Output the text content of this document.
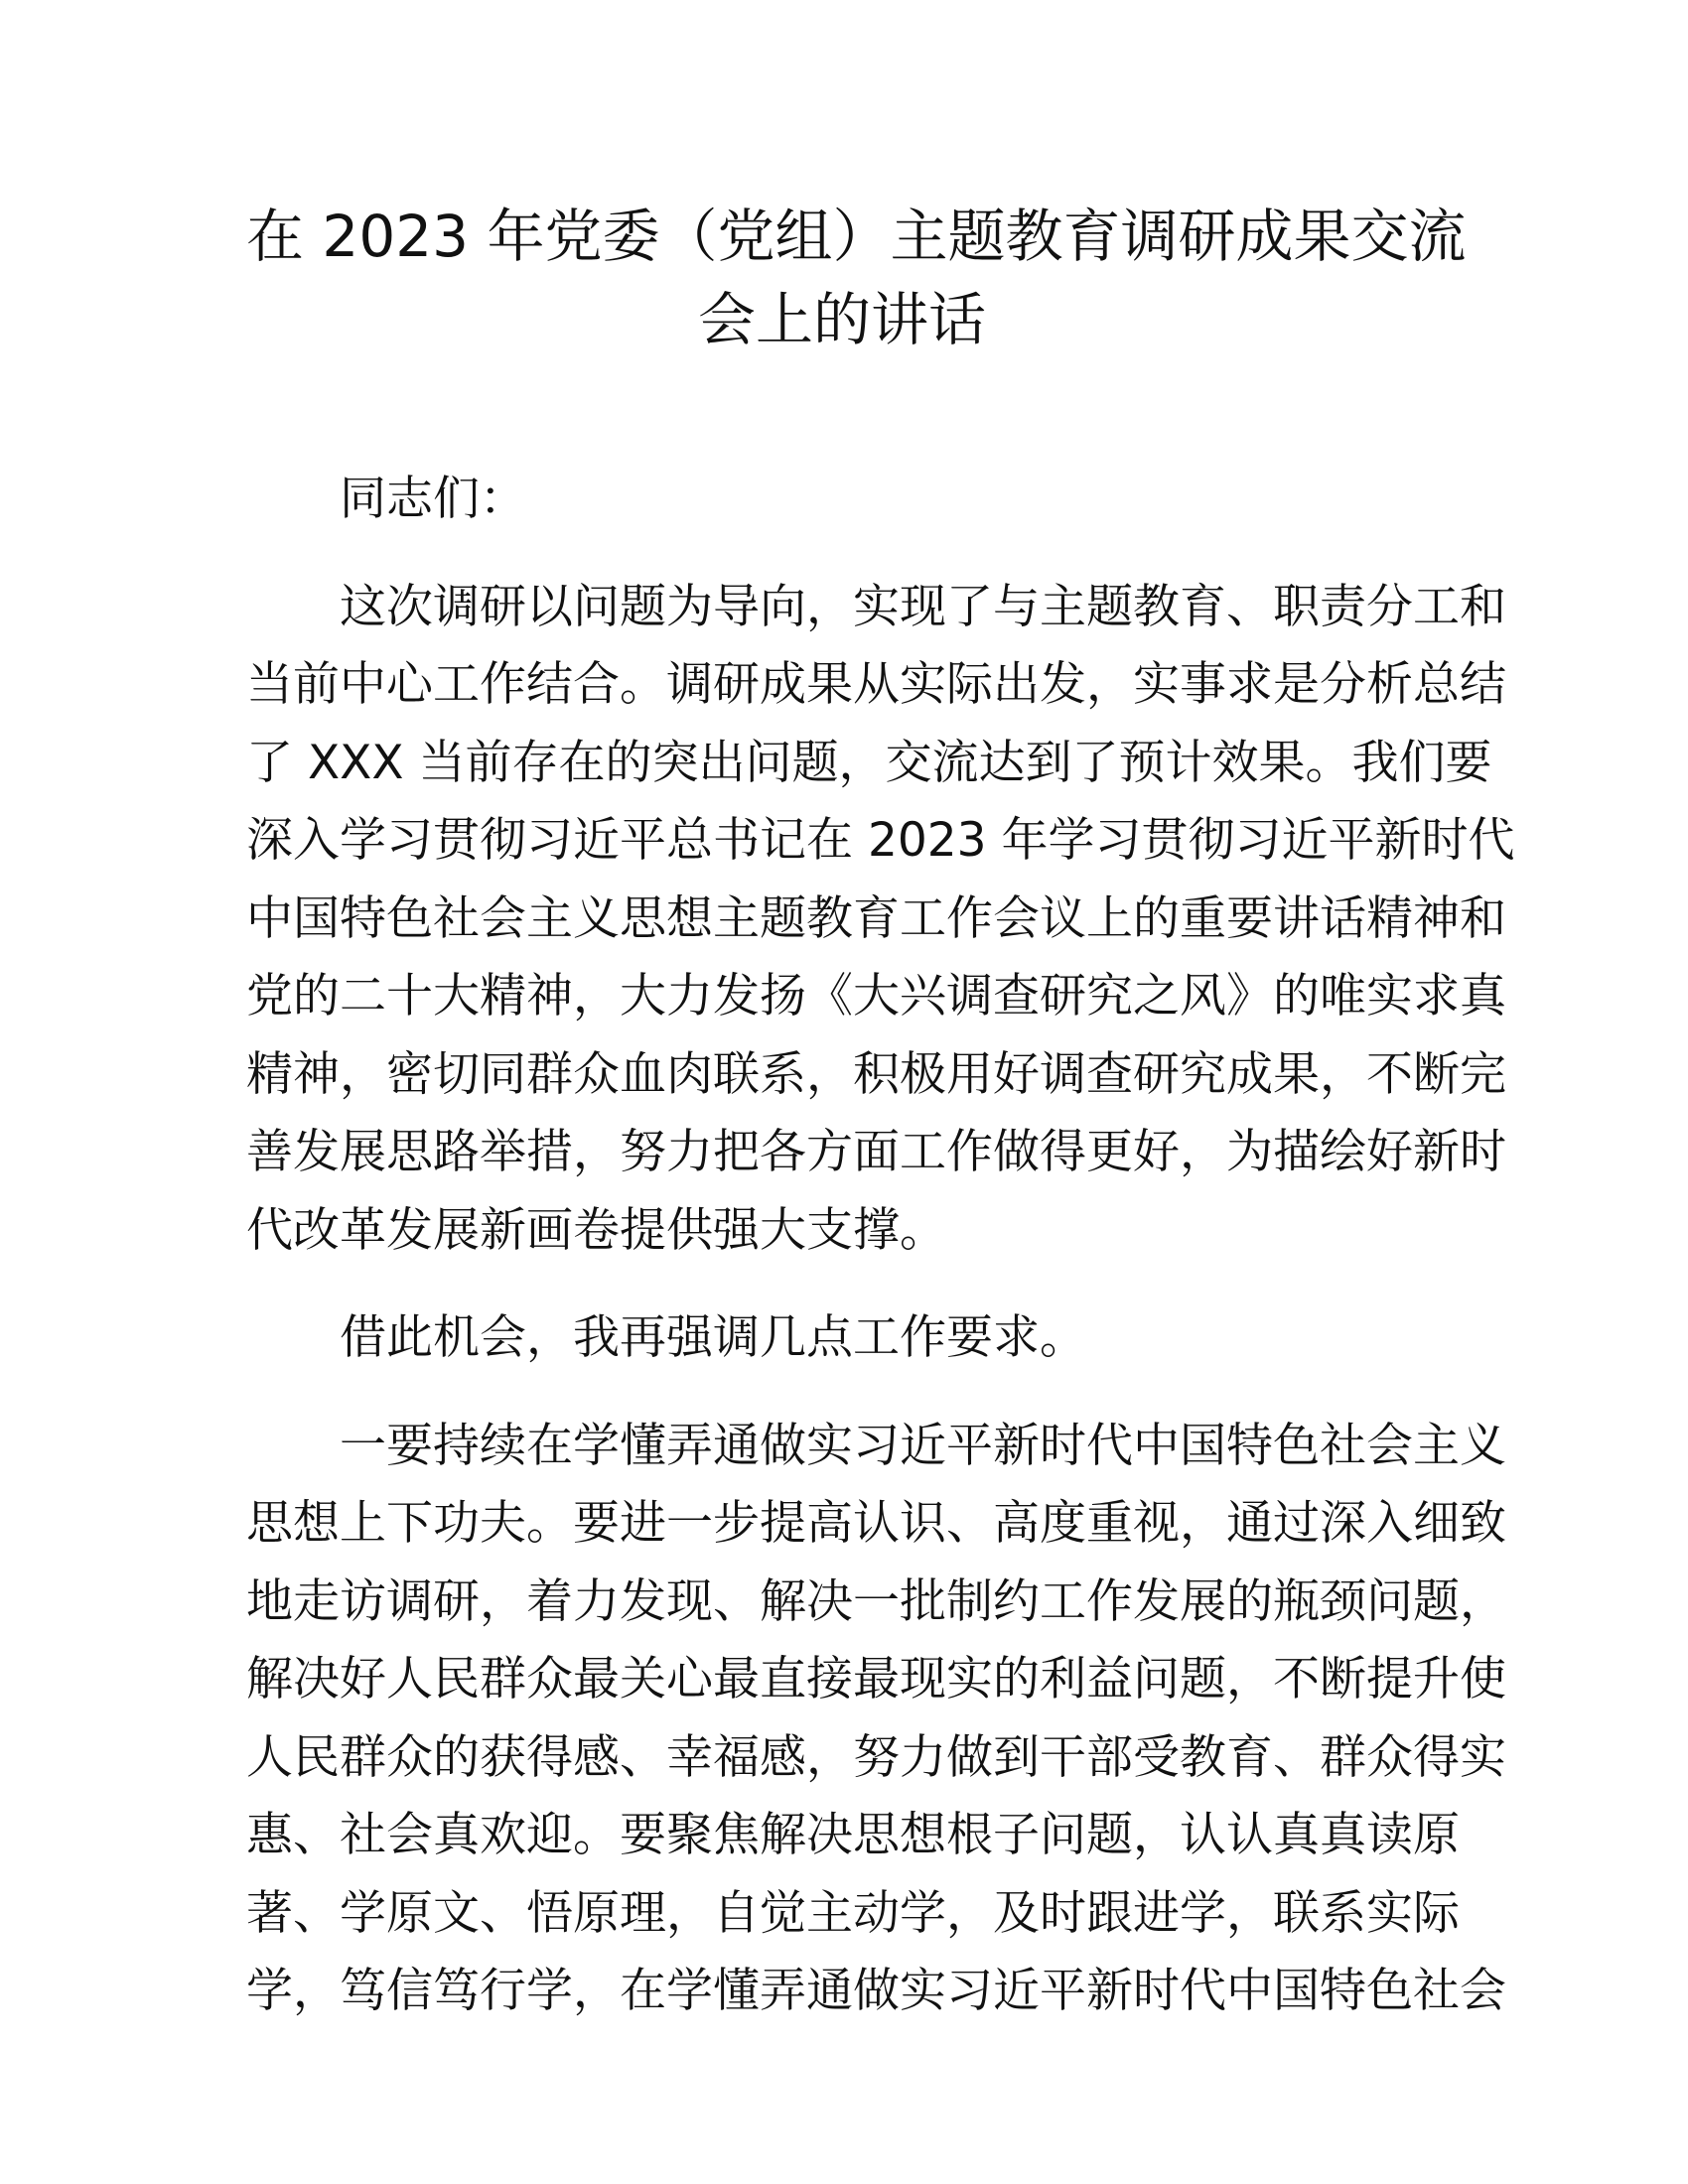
在 2023 年党委（党组）主题教育调研成果交流
会上的讲话

同志们：

这次调研以问题为导向，实现了与主题教育、职责分工和
当前中心工作结合。调研成果从实际出发，实事求是分析总结
了 XXX 当前存在的突出问题，交流达到了预计效果。我们要
深入学习贯彻习近平总书记在 2023 年学习贯彻习近平新时代
中国特色社会主义思想主题教育工作会议上的重要讲话精神和
党的二十大精神，大力发扬《大兴调查研究之风》的唯实求真
精神，密切同群众血肉联系，积极用好调查研究成果，不断完
善发展思路举措，努力把各方面工作做得更好，为描绘好新时
代改革发展新画卷提供强大支撑。

借此机会，我再强调几点工作要求。

一要持续在学懂弄通做实习近平新时代中国特色社会主义
思想上下功夫。要进一步提高认识、高度重视，通过深入细致
地走访调研，着力发现、解决一批制约工作发展的瓶颈问题，
解决好人民群众最关心最直接最现实的利益问题，不断提升使
人民群众的获得感、幸福感，努力做到干部受教育、群众得实
惠、社会真欢迎。要聚焦解决思想根子问题，认认真真读原
著、学原文、悟原理，自觉主动学，及时跟进学，联系实际
学，笃信笃行学，在学懂弄通做实习近平新时代中国特色社会
